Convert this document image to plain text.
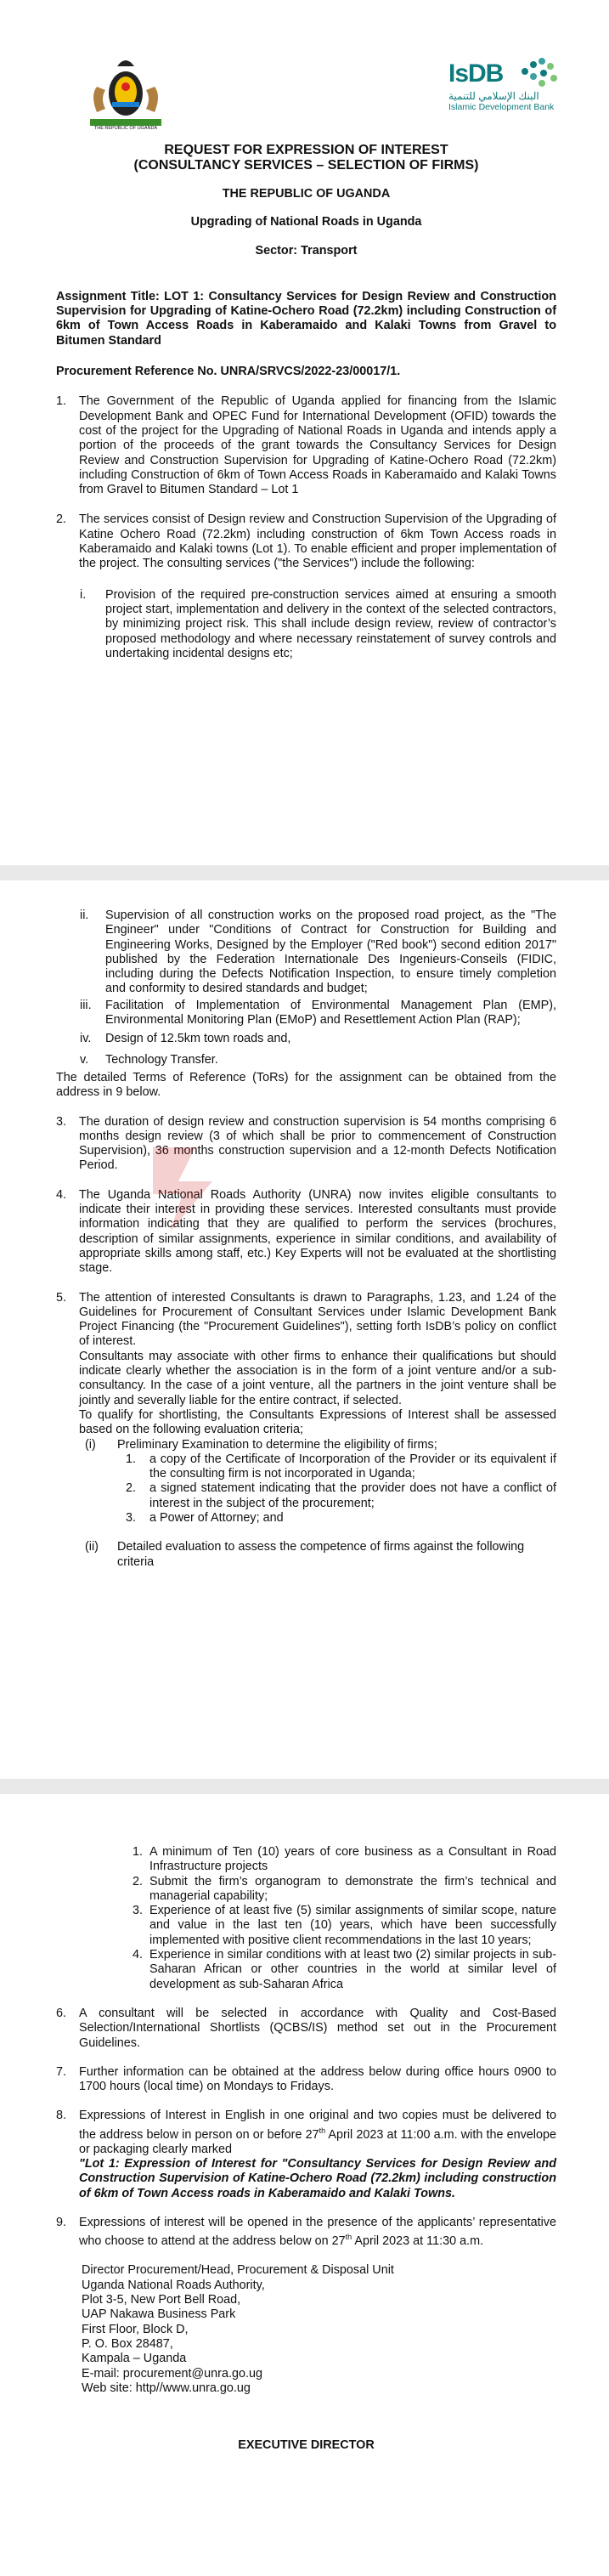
THE REPUBLIC OF UGANDA
IsDB
البنك الإسلامي للتنمية
Islamic Development Bank
REQUEST FOR EXPRESSION OF INTEREST
(CONSULTANCY SERVICES – SELECTION OF FIRMS)
THE REPUBLIC OF UGANDA
Upgrading of National Roads in Uganda
Sector: Transport

Assignment Title: LOT 1: Consultancy Services for Design Review and Construction Supervision for Upgrading of Katine-Ochero Road (72.2km) including Construction of 6km of Town Access Roads in Kaberamaido and Kalaki Towns from Gravel to Bitumen Standard

Procurement Reference No. UNRA/SRVCS/2022-23/00017/1.

1. The Government of the Republic of Uganda applied for financing from the Islamic Development Bank and OPEC Fund for International Development (OFID) towards the cost of the project for the Upgrading of National Roads in Uganda and intends apply a portion of the proceeds of the grant towards the Consultancy Services for Design Review and Construction Supervision for Upgrading of Katine-Ochero Road (72.2km) including Construction of 6km of Town Access Roads in Kaberamaido and Kalaki Towns from Gravel to Bitumen Standard – Lot 1
2. The services consist of Design review and Construction Supervision of the Upgrading of Katine Ochero Road (72.2km) including construction of 6km Town Access roads in Kaberamaido and Kalaki towns (Lot 1). To enable efficient and proper implementation of the project. The consulting services ("the Services") include the following:
i. Provision of the required pre-construction services aimed at ensuring a smooth project start, implementation and delivery in the context of the selected contractors, by minimizing project risk. This shall include design review, review of contractor’s proposed methodology and where necessary reinstatement of survey controls and undertaking incidental designs etc;
ii. Supervision of all construction works on the proposed road project, as the "The Engineer" under "Conditions of Contract for Construction for Building and Engineering Works, Designed by the Employer ("Red book") second edition 2017" published by the Federation Internationale Des Ingenieurs-Conseils (FIDIC, including during the Defects Notification Inspection, to ensure timely completion and conformity to desired standards and budget;
iii. Facilitation of Implementation of Environmental Management Plan (EMP), Environmental Monitoring Plan (EMoP) and Resettlement Action Plan (RAP);
iv. Design of 12.5km town roads and,
v. Technology Transfer.

The detailed Terms of Reference (ToRs) for the assignment can be obtained from the address in 9 below.

3. The duration of design review and construction supervision is 54 months comprising 6 months design review (3 of which shall be prior to commencement of Construction Supervision), 36 months construction supervision and a 12-month Defects Notification Period.
4. The Uganda National Roads Authority (UNRA) now invites eligible consultants to indicate their interest in providing these services. Interested consultants must provide information indicating that they are qualified to perform the services (brochures, description of similar assignments, experience in similar conditions, and availability of appropriate skills among staff, etc.) Key Experts will not be evaluated at the shortlisting stage.
5. The attention of interested Consultants is drawn to Paragraphs, 1.23, and 1.24 of the Guidelines for Procurement of Consultant Services under Islamic Development Bank Project Financing (the "Procurement Guidelines"), setting forth IsDB’s policy on conflict of interest.

Consultants may associate with other firms to enhance their qualifications but should indicate clearly whether the association is in the form of a joint venture and/or a sub-consultancy. In the case of a joint venture, all the partners in the joint venture shall be jointly and severally liable for the entire contract, if selected.

To qualify for shortlisting, the Consultants Expressions of Interest shall be assessed based on the following evaluation criteria;

(i) Preliminary Examination to determine the eligibility of firms;
1. a copy of the Certificate of Incorporation of the Provider or its equivalent if the consulting firm is not incorporated in Uganda;
2. a signed statement indicating that the provider does not have a conflict of interest in the subject of the procurement;
3. a Power of Attorney; and
(ii) Detailed evaluation to assess the competence of firms against the following criteria
1. A minimum of Ten (10) years of core business as a Consultant in Road Infrastructure projects
2. Submit the firm’s organogram to demonstrate the firm’s technical and managerial capability;
3. Experience of at least five (5) similar assignments of similar scope, nature and value in the last ten (10) years, which have been successfully implemented with positive client recommendations in the last 10 years;
4. Experience in similar conditions with at least two (2) similar projects in sub-Saharan African or other countries in the world at similar level of development as sub-Saharan Africa
6. A consultant will be selected in accordance with Quality and Cost-Based Selection/International Shortlists (QCBS/IS) method set out in the Procurement Guidelines.
7. Further information can be obtained at the address below during office hours 0900 to 1700 hours (local time) on Mondays to Fridays.
8. Expressions of Interest in English in one original and two copies must be delivered to the address below in person on or before 27th April 2023 at 11:00 a.m. with the envelope or packaging clearly marked

"Lot 1: Expression of Interest for "Consultancy Services for Design Review and Construction Supervision of Katine-Ochero Road (72.2km) including construction of 6km of Town Access roads in Kaberamaido and Kalaki Towns.

9. Expressions of interest will be opened in the presence of the applicants’ representative who choose to attend at the address below on 27th April 2023 at 11:30 a.m.
Director Procurement/Head, Procurement & Disposal Unit
Uganda National Roads Authority,
Plot 3-5, New Port Bell Road,
UAP Nakawa Business Park
First Floor, Block D,
P. O. Box 28487,
Kampala – Uganda
E-mail: procurement@unra.go.ug
Web site: http//www.unra.go.ug
EXECUTIVE DIRECTOR
